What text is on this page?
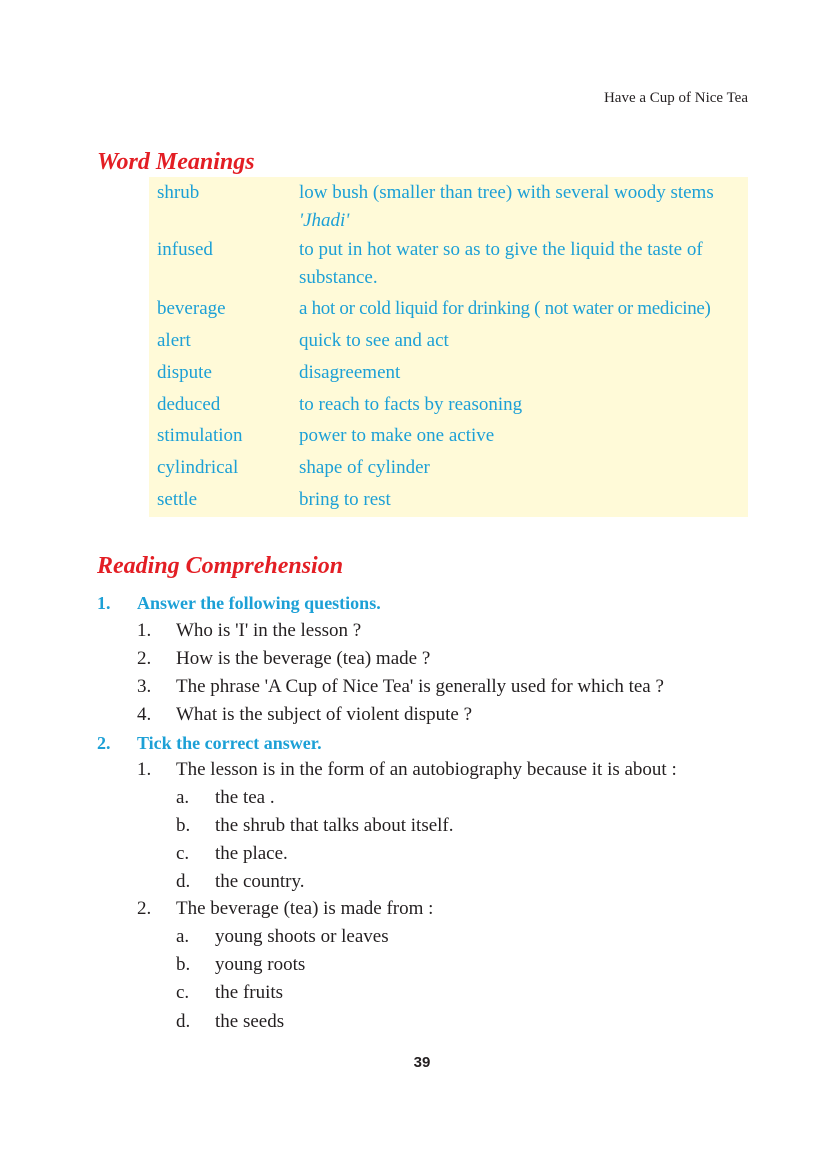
Have a Cup of Nice Tea
Word Meanings
shrub	low bush (smaller than tree) with several woody stems
'Jhadi'
infused	to put in hot water so as to give the liquid the taste of substance.
beverage	a hot or cold liquid for drinking ( not water or medicine)
alert	quick to see and act
dispute	disagreement
deduced	to reach to facts by reasoning
stimulation	power to make one active
cylindrical	shape of cylinder
settle	bring to rest
Reading Comprehension
1. Answer the following questions.
1. Who is 'I' in the lesson ?
2. How is the beverage (tea) made ?
3. The phrase 'A Cup of Nice Tea' is generally used for which tea ?
4. What is the subject of violent dispute ?
2. Tick the correct answer.
1. The lesson is in the form of an autobiography because it is about :
a. the tea .
b. the shrub that talks about itself.
c. the place.
d. the country.
2. The beverage (tea) is made from :
a. young shoots or leaves
b. young roots
c. the fruits
d. the seeds
39
